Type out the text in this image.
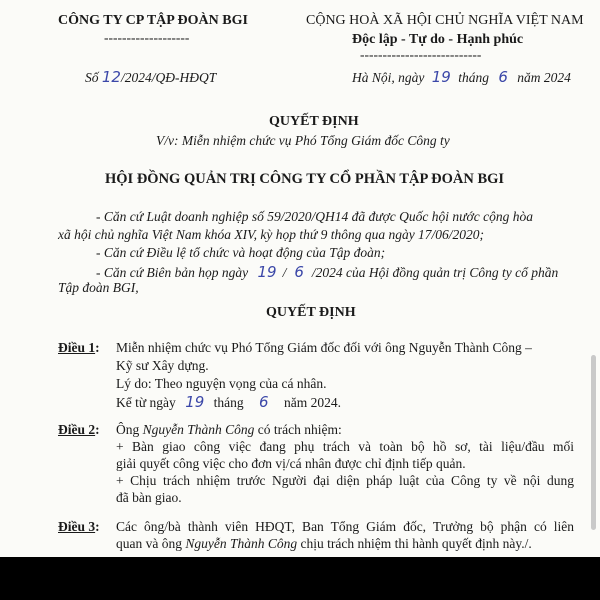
CÔNG TY CP TẬP ĐOÀN BGI
-------------------
CỘNG HOÀ XÃ HỘI CHỦ NGHĨA VIỆT NAM
Độc lập - Tự do - Hạnh phúc
---------------------------
Số 12/2024/QĐ-HĐQT	Hà Nội, ngày 19 tháng 6 năm 2024
QUYẾT ĐỊNH
V/v: Miễn nhiệm chức vụ Phó Tổng Giám đốc Công ty
HỘI ĐỒNG QUẢN TRỊ CÔNG TY CỔ PHẦN TẬP ĐOÀN BGI
- Căn cứ Luật doanh nghiệp số 59/2020/QH14 đã được Quốc hội nước cộng hòa
xã hội chủ nghĩa Việt Nam khóa XIV, kỳ họp thứ 9 thông qua ngày 17/06/2020;
- Căn cứ Điều lệ tổ chức và hoạt động của Tập đoàn;
- Căn cứ Biên bản họp ngày 19 / 6 /2024 của Hội đồng quản trị Công ty cổ phần
Tập đoàn BGI,
QUYẾT ĐỊNH
Điều 1: Miễn nhiệm chức vụ Phó Tổng Giám đốc đối với ông Nguyễn Thành Công –
Kỹ sư Xây dựng.
Lý do: Theo nguyện vọng của cá nhân.
Kể từ ngày 19 tháng 6 năm 2024.
Điều 2: Ông Nguyễn Thành Công có trách nhiệm:
+ Bàn giao công việc đang phụ trách và toàn bộ hồ sơ, tài liệu/đầu mối
giải quyết công việc cho đơn vị/cá nhân được chỉ định tiếp quản.
+ Chịu trách nhiệm trước Người đại diện pháp luật của Công ty về nội dung
đã bàn giao.
Điều 3: Các ông/bà thành viên HĐQT, Ban Tổng Giám đốc, Trưởng bộ phận có liên
quan và ông Nguyễn Thành Công chịu trách nhiệm thi hành quyết định này./.
